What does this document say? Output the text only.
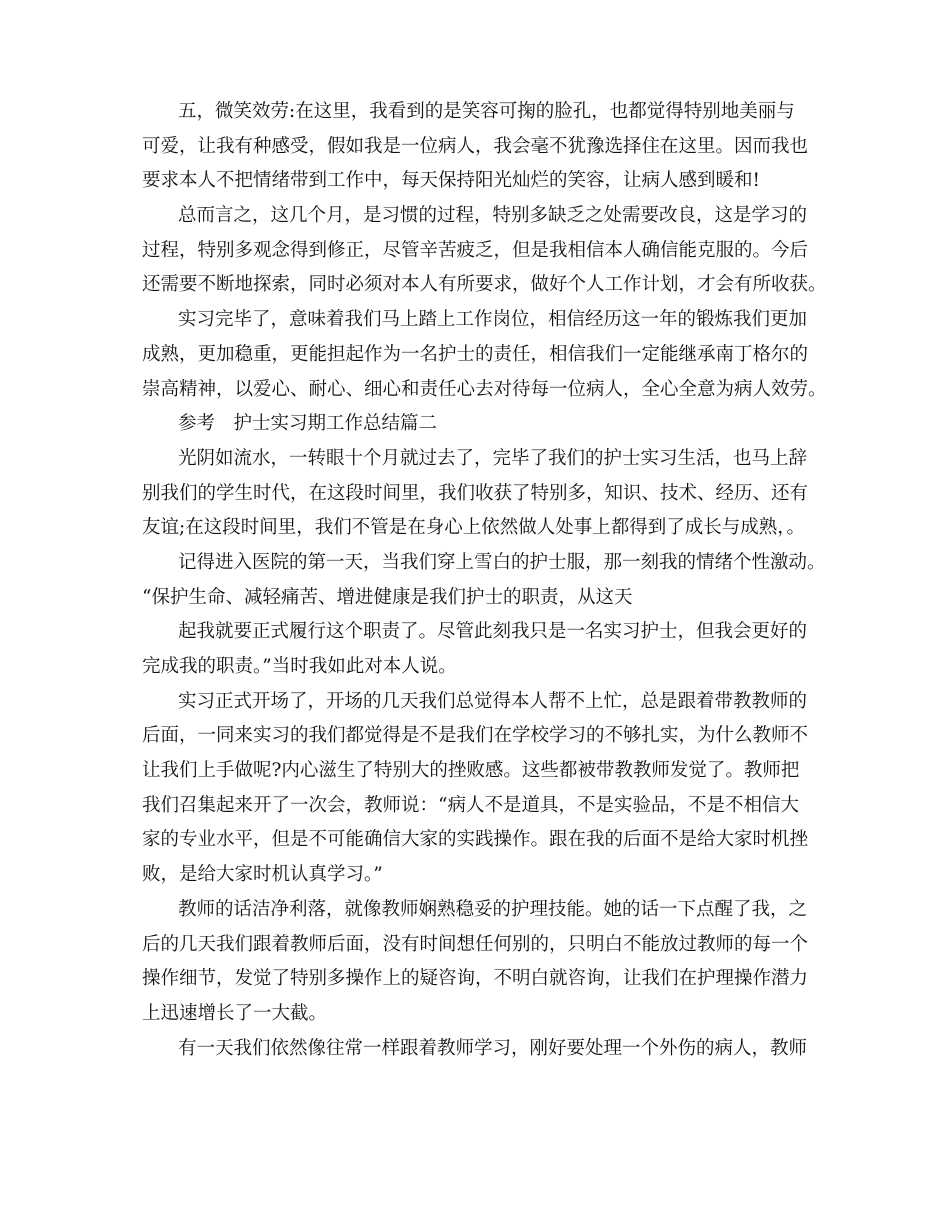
五，微笑效劳:在这里，我看到的是笑容可掬的脸孔，也都觉得特别地美丽与
可爱，让我有种感受，假如我是一位病人，我会毫不犹豫选择住在这里。因而我也
要求本人不把情绪带到工作中，每天保持阳光灿烂的笑容，让病人感到暖和!
总而言之，这几个月，是习惯的过程，特别多缺乏之处需要改良，这是学习的
过程，特别多观念得到修正，尽管辛苦疲乏，但是我相信本人确信能克服的。今后
还需要不断地探索，同时必须对本人有所要求，做好个人工作计划，才会有所收获。
实习完毕了，意味着我们马上踏上工作岗位，相信经历这一年的锻炼我们更加
成熟，更加稳重，更能担起作为一名护士的责任，相信我们一定能继承南丁格尔的
崇高精神，以爱心、耐心、细心和责任心去对待每一位病人，全心全意为病人效劳。
参考　护士实习期工作总结篇二
光阴如流水，一转眼十个月就过去了，完毕了我们的护士实习生活，也马上辞
别我们的学生时代，在这段时间里，我们收获了特别多，知识、技术、经历、还有
友谊;在这段时间里，我们不管是在身心上依然做人处事上都得到了成长与成熟，。
记得进入医院的第一天，当我们穿上雪白的护士服，那一刻我的情绪个性激动。
“保护生命、减轻痛苦、增进健康是我们护士的职责，从这天
起我就要正式履行这个职责了。尽管此刻我只是一名实习护士，但我会更好的
完成我的职责。”当时我如此对本人说。
实习正式开场了，开场的几天我们总觉得本人帮不上忙，总是跟着带教教师的
后面，一同来实习的我们都觉得是不是我们在学校学习的不够扎实，为什么教师不
让我们上手做呢?内心滋生了特别大的挫败感。这些都被带教教师发觉了。教师把
我们召集起来开了一次会，教师说：“病人不是道具，不是实验品，不是不相信大
家的专业水平，但是不可能确信大家的实践操作。跟在我的后面不是给大家时机挫
败，是给大家时机认真学习。”
教师的话洁净利落，就像教师娴熟稳妥的护理技能。她的话一下点醒了我，之
后的几天我们跟着教师后面，没有时间想任何别的，只明白不能放过教师的每一个
操作细节，发觉了特别多操作上的疑咨询，不明白就咨询，让我们在护理操作潜力
上迅速增长了一大截。
有一天我们依然像往常一样跟着教师学习，刚好要处理一个外伤的病人，教师
